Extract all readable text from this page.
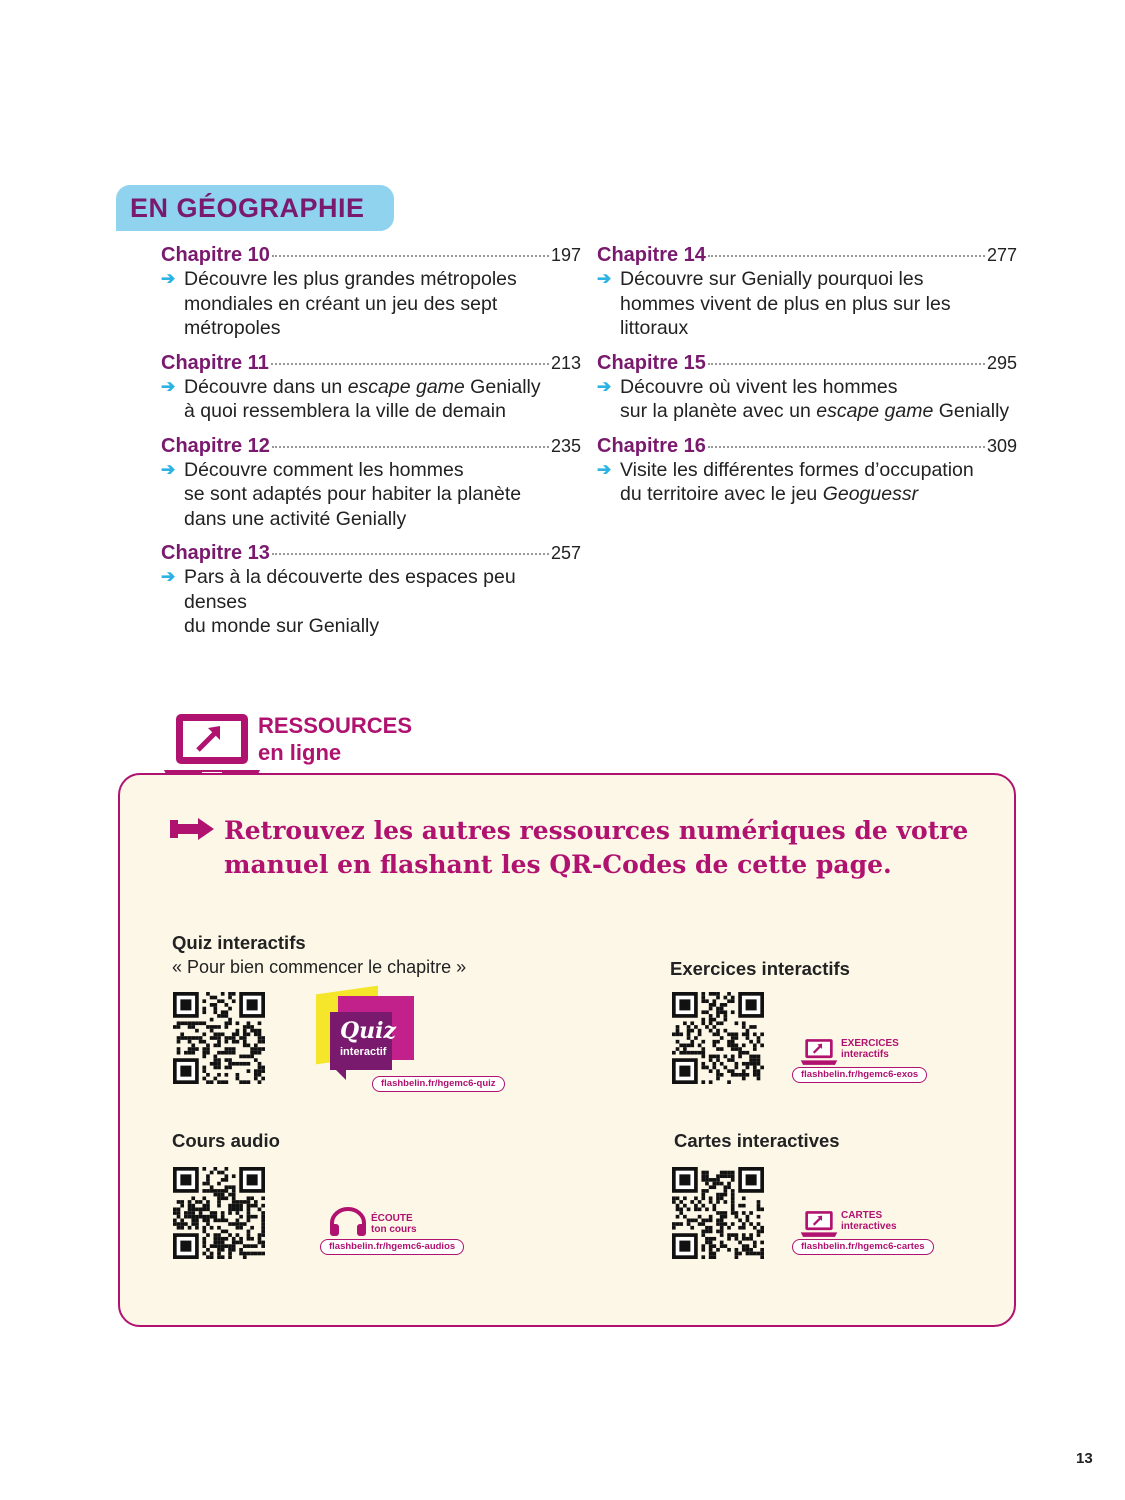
EN GÉOGRAPHIE
Chapitre 10	197
➔ Découvre les plus grandes métropoles
mondiales en créant un jeu des sept
métropoles
Chapitre 11	213
➔ Découvre dans un escape game Genially
à quoi ressemblera la ville de demain
Chapitre 12	235
➔ Découvre comment les hommes
se sont adaptés pour habiter la planète
dans une activité Genially
Chapitre 13	257
➔ Pars à la découverte des espaces peu denses
du monde sur Genially
Chapitre 14	277
➔ Découvre sur Genially pourquoi les
hommes vivent de plus en plus sur les
littoraux
Chapitre 15	295
➔ Découvre où vivent les hommes
sur la planète avec un escape game Genially
Chapitre 16	309
➔ Visite les différentes formes d’occupation
du territoire avec le jeu Geoguessr
RESSOURCES
en ligne
Retrouvez les autres ressources numériques de votre
manuel en flashant les QR-Codes de cette page.
Quiz interactifs
« Pour bien commencer le chapitre »
Quiz
interactif
flashbelin.fr/hgemc6-quiz
Exercices interactifs
EXERCICES
interactifs
flashbelin.fr/hgemc6-exos
Cours audio
ÉCOUTE
ton cours
flashbelin.fr/hgemc6-audios
Cartes interactives
CARTES
interactives
flashbelin.fr/hgemc6-cartes
13
